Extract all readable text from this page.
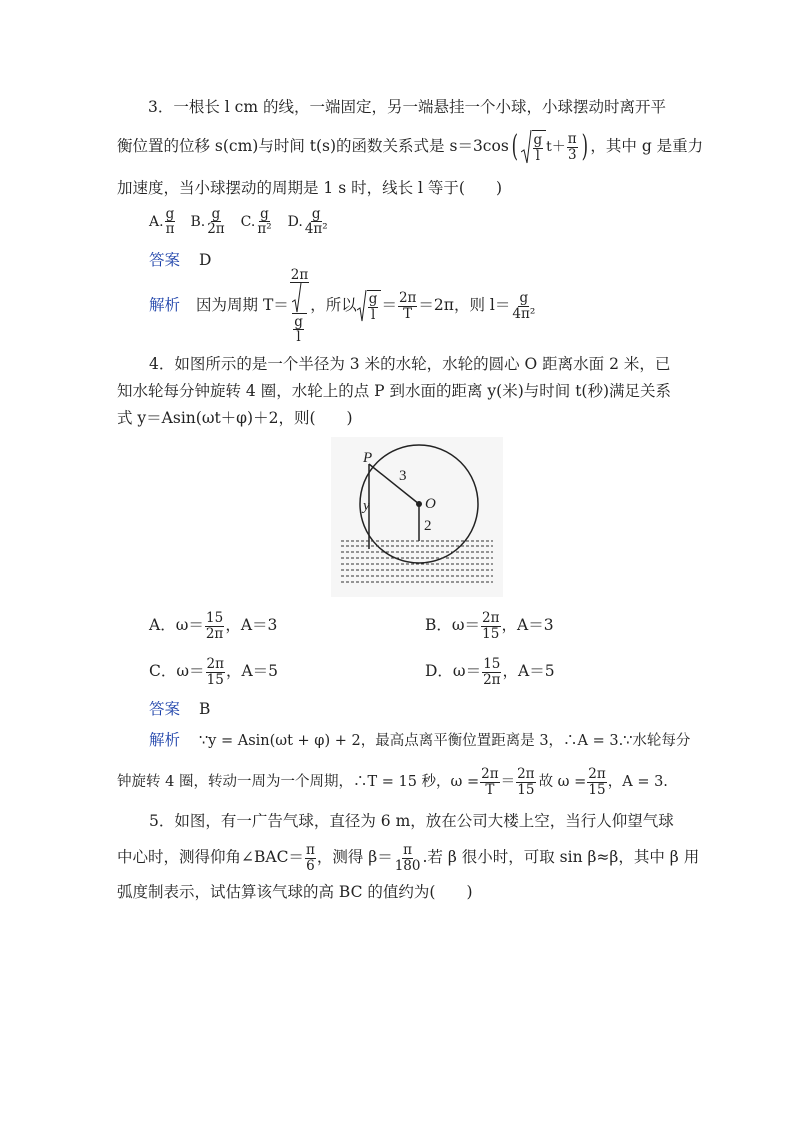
3．一根长 l cm 的线，一端固定，另一端悬挂一个小球，小球摆动时离开平
衡位置的位移 s(cm)与时间 t(s)的函数关系式是 s＝3cos ( g
l
t＋ π
3 ) ，其中 g 是重力
加速度，当小球摆动的周期是 1 s 时，线长 l 等于(　　)
A. g
π B. g
2π C. g
π² D. g
4π²
答案 D
解析 因为周期 T＝
2π
g
l
，所以 g
l
＝ 2π
T ＝2π，则 l＝ g
4π²
4．如图所示的是一个半径为 3 米的水轮，水轮的圆心 O 距离水面 2 米，已
知水轮每分钟旋转 4 圈，水轮上的点 P 到水面的距离 y(米)与时间 t(秒)满足关系
式 y＝Asin(ωt＋φ)＋2，则(　　)
P
3
O
2
y
A．ω＝ 15
2π ，A＝3	B．ω＝ 2π
15 ，A＝3
C．ω＝ 2π
15 ，A＝5	D．ω＝ 15
2π ，A＝5
答案 B
解析 ∵y = Asin(ωt + φ) + 2，最高点离平衡位置距离是 3，∴A = 3.∵水轮每分
钟旋转 4 圈，转动一周为一个周期，∴T = 15 秒，$\omega = \frac{2\pi}{T} = 2\pi$
15 故 $\omega = \frac{2\pi}{15}$ ，A = 3.
5．如图，有一广告气球，直径为 6 m，放在公司大楼上空，当行人仰望气球
中心时，测得仰角∠BAC＝ π
6 ，测得 β＝ π
180 .若 β 很小时，可取 sin β≈β，其中 β 用
弧度制表示，试估算该气球的高 BC 的值约为(　　)
